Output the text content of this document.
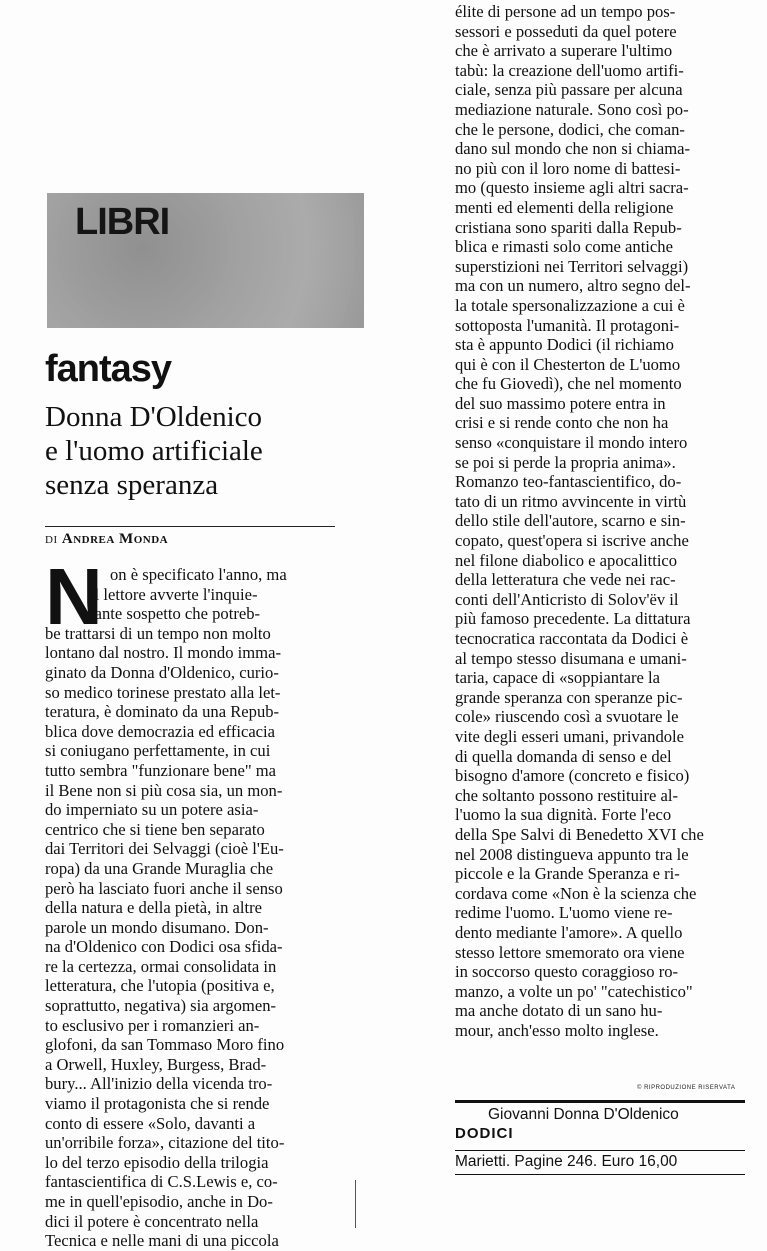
LIBRI
fantasy
Donna D'Oldenico
e l'uomo artificiale
senza speranza
di Andrea Monda
N on è specificato l'anno, ma
il lettore avverte l'inquie-
tante sospetto che potreb-
be trattarsi di un tempo non molto
lontano dal nostro. Il mondo imma-
ginato da Donna d'Oldenico, curio-
so medico torinese prestato alla let-
teratura, è dominato da una Repub-
blica dove democrazia ed efficacia
si coniugano perfettamente, in cui
tutto sembra "funzionare bene" ma
il Bene non si più cosa sia, un mon-
do imperniato su un potere asia-
centrico che si tiene ben separato
dai Territori dei Selvaggi (cioè l'Eu-
ropa) da una Grande Muraglia che
però ha lasciato fuori anche il senso
della natura e della pietà, in altre
parole un mondo disumano. Don-
na d'Oldenico con Dodici osa sfida-
re la certezza, ormai consolidata in
letteratura, che l'utopia (positiva e,
soprattutto, negativa) sia argomen-
to esclusivo per i romanzieri an-
glofoni, da san Tommaso Moro fino
a Orwell, Huxley, Burgess, Brad-
bury... All'inizio della vicenda tro-
viamo il protagonista che si rende
conto di essere «Solo, davanti a
un'orribile forza», citazione del tito-
lo del terzo episodio della trilogia
fantascientifica di C.S.Lewis e, co-
me in quell'episodio, anche in Do-
dici il potere è concentrato nella
Tecnica e nelle mani di una piccola
élite di persone ad un tempo pos-
sessori e posseduti da quel potere
che è arrivato a superare l'ultimo
tabù: la creazione dell'uomo artifi-
ciale, senza più passare per alcuna
mediazione naturale. Sono così po-
che le persone, dodici, che coman-
dano sul mondo che non si chiama-
no più con il loro nome di battesi-
mo (questo insieme agli altri sacra-
menti ed elementi della religione
cristiana sono spariti dalla Repub-
blica e rimasti solo come antiche
superstizioni nei Territori selvaggi)
ma con un numero, altro segno del-
la totale spersonalizzazione a cui è
sottoposta l'umanità. Il protagoni-
sta è appunto Dodici (il richiamo
qui è con il Chesterton de L'uomo
che fu Giovedì), che nel momento
del suo massimo potere entra in
crisi e si rende conto che non ha
senso «conquistare il mondo intero
se poi si perde la propria anima».
Romanzo teo-fantascientifico, do-
tato di un ritmo avvincente in virtù
dello stile dell'autore, scarno e sin-
copato, quest'opera si iscrive anche
nel filone diabolico e apocalittico
della letteratura che vede nei rac-
conti dell'Anticristo di Solov'ëv il
più famoso precedente. La dittatura
tecnocratica raccontata da Dodici è
al tempo stesso disumana e umani-
taria, capace di «soppiantare la
grande speranza con speranze pic-
cole» riuscendo così a svuotare le
vite degli esseri umani, privandole
di quella domanda di senso e del
bisogno d'amore (concreto e fisico)
che soltanto possono restituire al-
l'uomo la sua dignità. Forte l'eco
della Spe Salvi di Benedetto XVI che
nel 2008 distingueva appunto tra le
piccole e la Grande Speranza e ri-
cordava come «Non è la scienza che
redime l'uomo. L'uomo viene re-
dento mediante l'amore». A quello
stesso lettore smemorato ora viene
in soccorso questo coraggioso ro-
manzo, a volte un po' "catechistico"
ma anche dotato di un sano hu-
mour, anch'esso molto inglese.
© RIPRODUZIONE RISERVATA
Giovanni Donna D'Oldenico
DODICI
Marietti. Pagine 246. Euro 16,00
